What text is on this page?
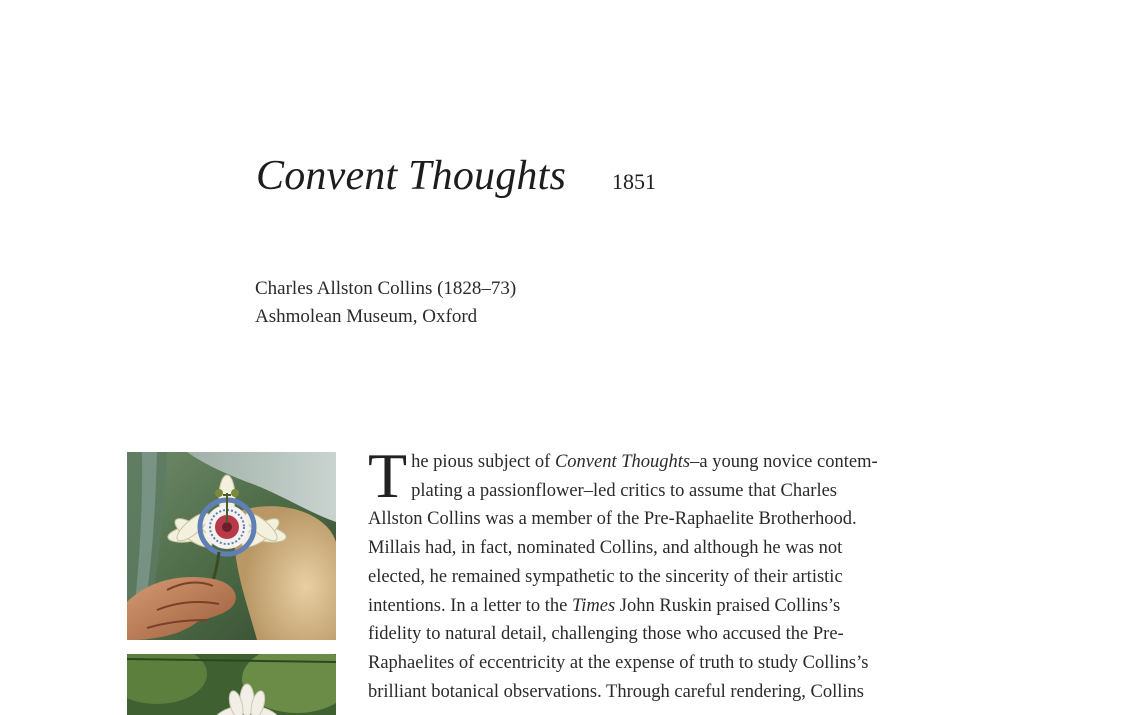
Convent Thoughts 1851
Charles Allston Collins (1828–73)
Ashmolean Museum, Oxford
T he pious subject of Convent Thoughts–a young novice contem-
plating a passionflower–led critics to assume that Charles
Allston Collins was a member of the Pre-Raphaelite Brotherhood.
Millais had, in fact, nominated Collins, and although he was not
elected, he remained sympathetic to the sincerity of their artistic
intentions. In a letter to the Times John Ruskin praised Collins’s
fidelity to natural detail, challenging those who accused the Pre-
Raphaelites of eccentricity at the expense of truth to study Collins’s
brilliant botanical observations. Through careful rendering, Collins
